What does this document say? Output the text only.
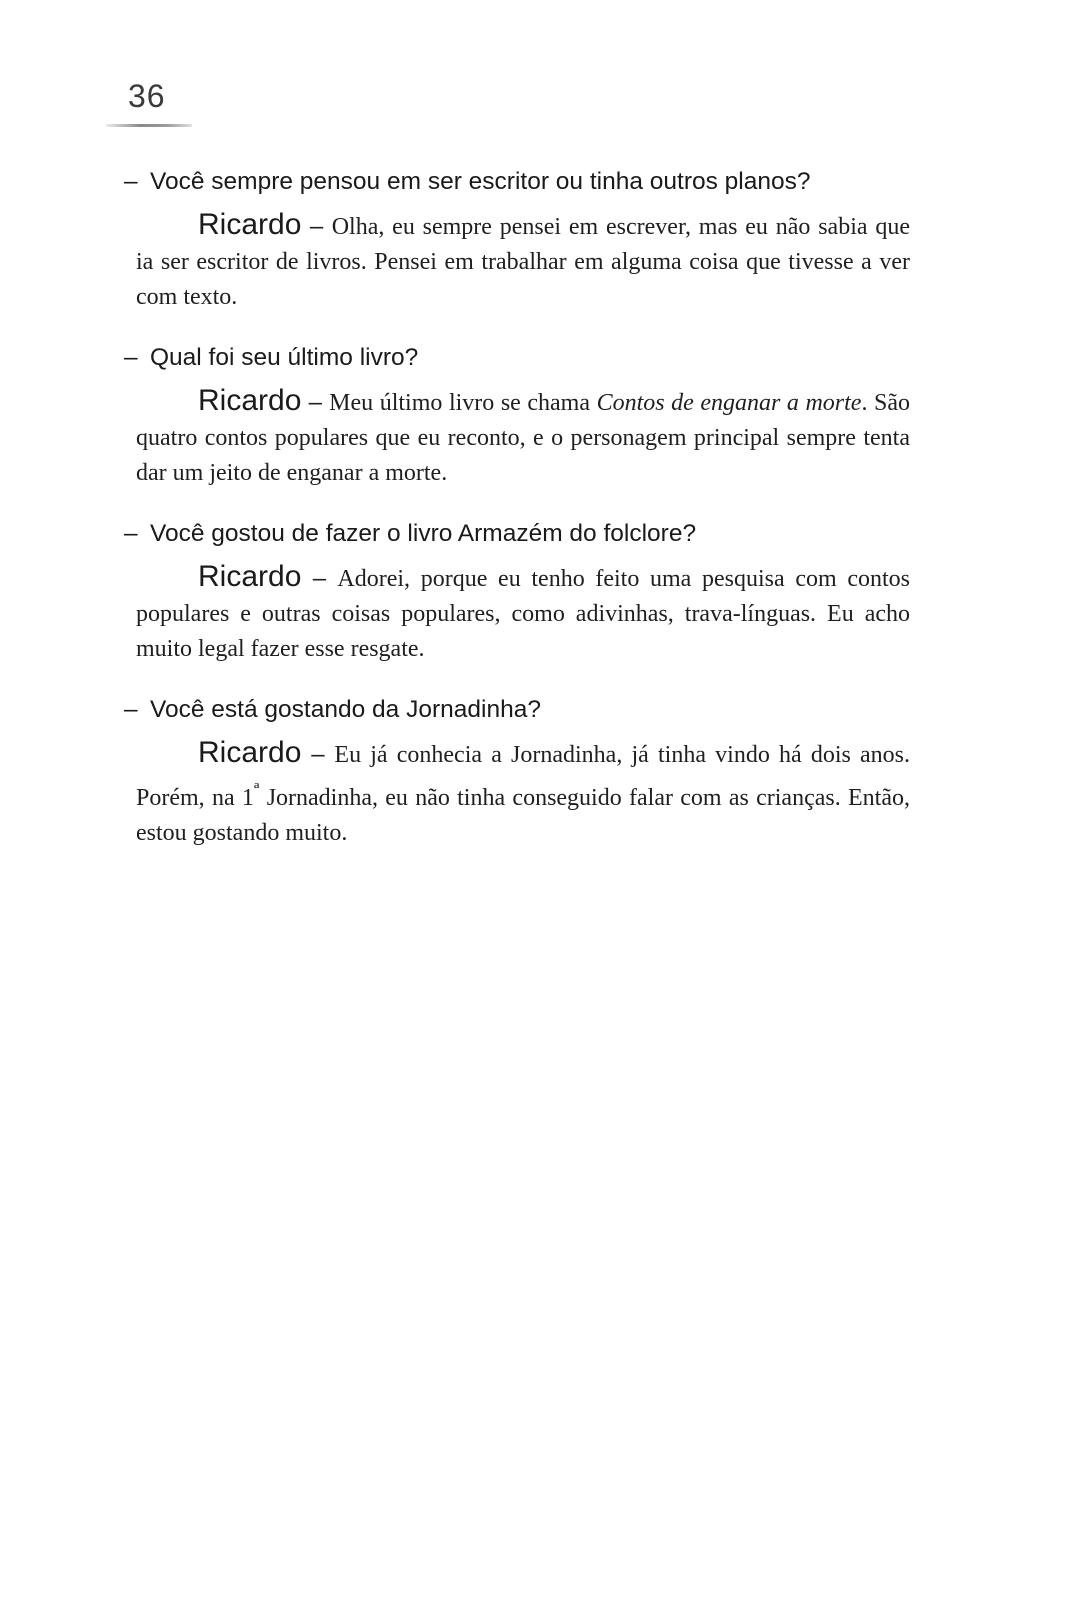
36

– Você sempre pensou em ser escritor ou tinha outros planos?

Ricardo – Olha, eu sempre pensei em escrever, mas eu não sabia que ia ser escritor de livros. Pensei em trabalhar em alguma coisa que tivesse a ver com texto.

– Qual foi seu último livro?

Ricardo – Meu último livro se chama Contos de enganar a morte. São quatro contos populares que eu reconto, e o personagem principal sempre tenta dar um jeito de enganar a morte.

– Você gostou de fazer o livro Armazém do folclore?

Ricardo – Adorei, porque eu tenho feito uma pesquisa com contos populares e outras coisas populares, como adivinhas, trava-línguas. Eu acho muito legal fazer esse resgate.

– Você está gostando da Jornadinha?

Ricardo – Eu já conhecia a Jornadinha, já tinha vindo há dois anos. Porém, na $1^ª$ Jornadinha, eu não tinha conseguido falar com as crianças. Então, estou gostando muito.
